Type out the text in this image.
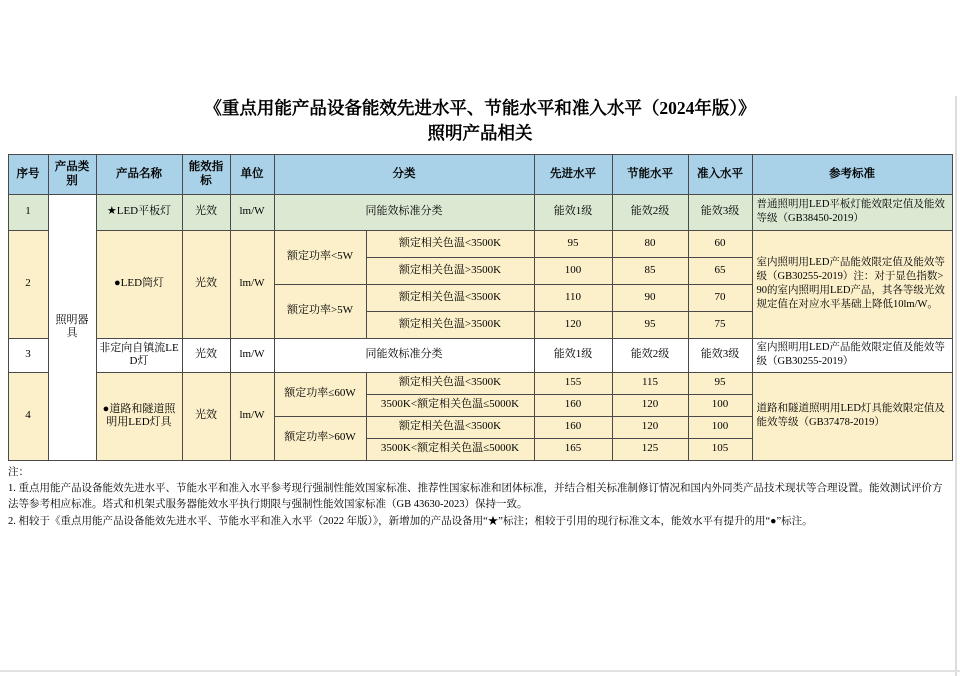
《重点用能产品设备能效先进水平、节能水平和准入水平（2024年版）》
照明产品相关
序号	产品类别	产品名称	能效指标	单位	分类		先进水平	节能水平	准入水平	参考标准
1	照明器具	★LED平板灯	光效	lm/W	同能效标准分类		能效1级	能效2级	能效3级	普通照明用LED平板灯能效限定值及能效等级（GB38450-2019）
2		●LED筒灯	光效	lm/W	额定功率<5W	额定相关色温<3500K	95	80	60	室内照明用LED产品能效限定值及能效等级（GB30255-2019）注：对于显色指数>90的室内照明用LED产品，其各等级光效规定值在对应水平基础上降低10lm/W。
						额定相关色温>3500K	100	85	65	
					额定功率>5W	额定相关色温<3500K	110	90	70	
						额定相关色温>3500K	120	95	75	
3		非定向自镇流LED灯	光效	lm/W	同能效标准分类		能效1级	能效2级	能效3级	室内照明用LED产品能效限定值及能效等级（GB30255-2019）
4		●道路和隧道照明用LED灯具	光效	lm/W	额定功率≤60W	额定相关色温<3500K	155	115	95	道路和隧道照明用LED灯具能效限定值及能效等级（GB37478-2019）
						3500K<额定相关色温≤5000K	160	120	100	
					额定功率>60W	额定相关色温<3500K	160	120	100	
						3500K<额定相关色温≤5000K	165	125	105	

注：

1. 重点用能产品设备能效先进水平、节能水平和准入水平参考现行强制性能效国家标准、推荐性国家标准和团体标准，并结合相关标准制修订情况和国内外同类产品技术现状等合理设置。能效测试评价方法等参考相应标准。塔式和机架式服务器能效水平执行期限与强制性能效国家标准（GB 43630-2023）保持一致。

2. 相较于《重点用能产品设备能效先进水平、节能水平和准入水平（2022 年版）》，新增加的产品设备用“★”标注；相较于引用的现行标准文本，能效水平有提升的用“●”标注。
